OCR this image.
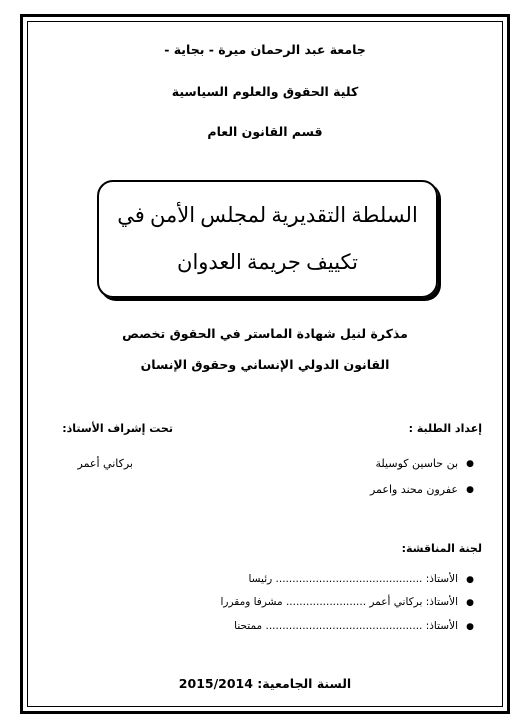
جامعة عبد الرحمان ميرة - بجاية -
كلية الحقوق والعلوم السياسية
قسم القانون العام
السلطة التقديرية لمجلس الأمن في
تكييف جريمة العدوان
مذكرة لنيل شهادة الماستر في الحقوق تخصص
القانون الدولي الإنساني وحقوق الإنسان
إعداد الطلبة :
تحت إشراف الأستاذ:
●
بن حاسين كوسيلة
●
عفرون محند واعمر
بركاني أعمر
لجنة المناقشة:
●
الأستاذ: ............................................ رئيسا
●
الأستاذ: بركاني أعمر ........................ مشرفا ومقررا
●
الأستاذ: ............................................... ممتحنا
السنة الجامعية: 2015/2014
